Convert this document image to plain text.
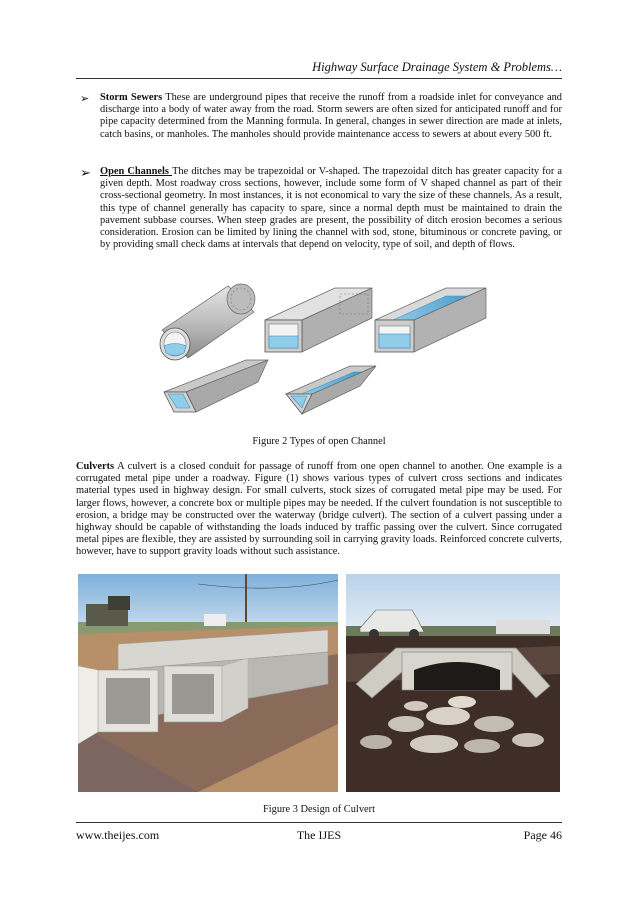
Highway Surface Drainage System & Problems…
➢ Storm Sewers These are underground pipes that receive the runoff from a roadside inlet for conveyance and discharge into a body of water away from the road. Storm sewers are often sized for anticipated runoff and for pipe capacity determined from the Manning formula. In general, changes in sewer direction are made at inlets, catch basins, or manholes. The manholes should provide maintenance access to sewers at about every 500 ft.
➢ Open Channels The ditches may be trapezoidal or V-shaped. The trapezoidal ditch has greater capacity for a given depth. Most roadway cross sections, however, include some form of V shaped channel as part of their cross-sectional geometry. In most instances, it is not economical to vary the size of these channels. As a result, this type of channel generally has capacity to spare, since a normal depth must be maintained to drain the pavement subbase courses. When steep grades are present, the possibility of ditch erosion becomes a serious consideration. Erosion can be limited by lining the channel with sod, stone, bituminous or concrete paving, or by providing small check dams at intervals that depend on velocity, type of soil, and depth of flows.
Figure 2 Types of open Channel
Culverts A culvert is a closed conduit for passage of runoff from one open channel to another. One example is a corrugated metal pipe under a roadway. Figure (1) shows various types of culvert cross sections and indicates material types used in highway design. For small culverts, stock sizes of corrugated metal pipe may be used. For larger flows, however, a concrete box or multiple pipes may be needed. If the culvert foundation is not susceptible to erosion, a bridge may be constructed over the waterway (bridge culvert). The section of a culvert passing under a highway should be capable of withstanding the loads induced by traffic passing over the culvert. Since corrugated metal pipes are flexible, they are assisted by surrounding soil in carrying gravity loads. Reinforced concrete culverts, however, have to support gravity loads without such assistance.
Figure 3 Design of Culvert
www.theijes.com	The IJES	Page 46
